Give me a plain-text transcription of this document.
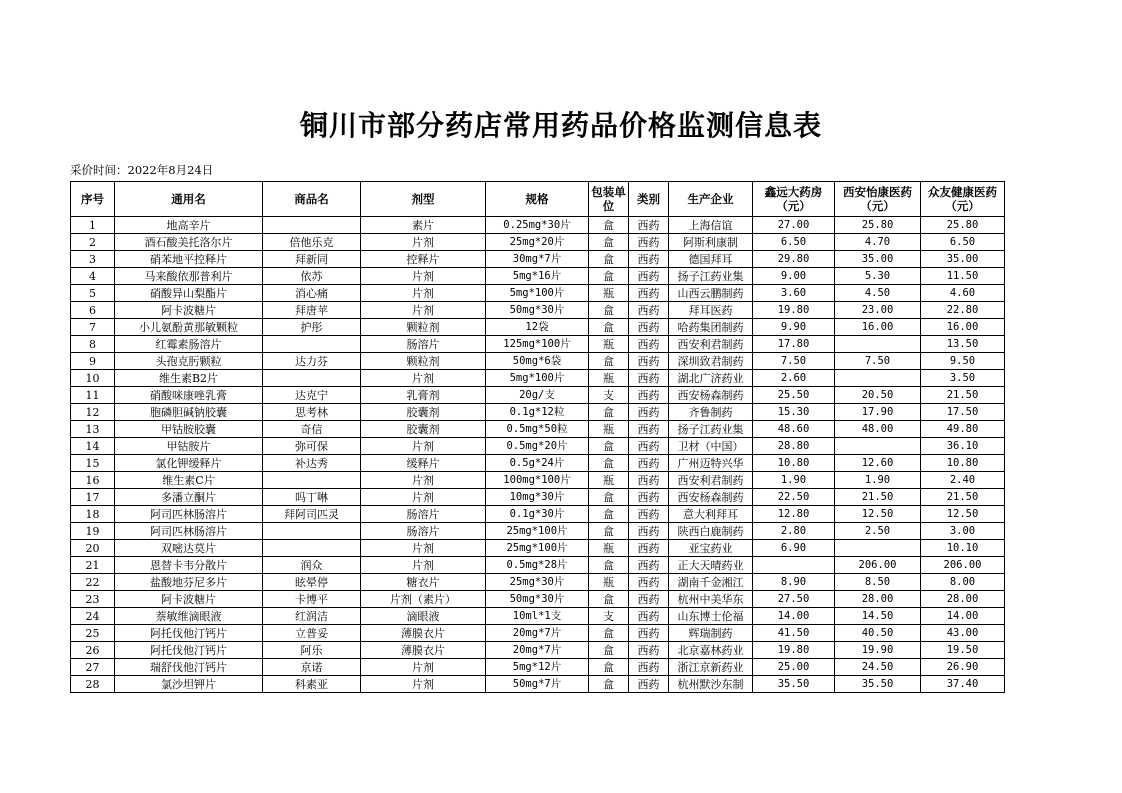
铜川市部分药店常用药品价格监测信息表
采价时间：2022年8月24日
序号	通用名	商品名	剂型	规格	包装单位	类别	生产企业	鑫远大药房（元）	西安怡康医药（元）	众友健康医药（元）
1	地高辛片		素片	0.25mg*30片	盒	西药	上海信谊	27.00	25.80	25.80
2	酒石酸美托洛尔片	倍他乐克	片剂	25mg*20片	盒	西药	阿斯利康制	6.50	4.70	6.50
3	硝苯地平控释片	拜新同	控释片	30mg*7片	盒	西药	德国拜耳	29.80	35.00	35.00
4	马来酸依那普利片	依苏	片剂	5mg*16片	盒	西药	扬子江药业集	9.00	5.30	11.50
5	硝酸异山梨酯片	消心痛	片剂	5mg*100片	瓶	西药	山西云鹏制药	3.60	4.50	4.60
6	阿卡波糖片	拜唐苹	片剂	50mg*30片	盒	西药	拜耳医药	19.80	23.00	22.80
7	小儿氨酚黄那敏颗粒	护彤	颗粒剂	12袋	盒	西药	哈药集团制药	9.90	16.00	16.00
8	红霉素肠溶片		肠溶片	125mg*100片	瓶	西药	西安利君制药	17.80		13.50
9	头孢克肟颗粒	达力芬	颗粒剂	50mg*6袋	盒	西药	深圳致君制药	7.50	7.50	9.50
10	维生素B2片		片剂	5mg*100片	瓶	西药	湖北广济药业	2.60		3.50
11	硝酸咪康唑乳膏	达克宁	乳膏剂	20g/支	支	西药	西安杨森制药	25.50	20.50	21.50
12	胞磷胆碱钠胶囊	思考林	胶囊剂	0.1g*12粒	盒	西药	齐鲁制药	15.30	17.90	17.50
13	甲钴胺胶囊	奇信	胶囊剂	0.5mg*50粒	瓶	西药	扬子江药业集	48.60	48.00	49.80
14	甲钴胺片	弥可保	片剂	0.5mg*20片	盒	西药	卫材（中国）	28.80		36.10
15	氯化钾缓释片	补达秀	缓释片	0.5g*24片	盒	西药	广州迈特兴华	10.80	12.60	10.80
16	维生素C片		片剂	100mg*100片	瓶	西药	西安利君制药	1.90	1.90	2.40
17	多潘立酮片	吗丁啉	片剂	10mg*30片	盒	西药	西安杨森制药	22.50	21.50	21.50
18	阿司匹林肠溶片	拜阿司匹灵	肠溶片	0.1g*30片	盒	西药	意大利拜耳	12.80	12.50	12.50
19	阿司匹林肠溶片		肠溶片	25mg*100片	盒	西药	陕西白鹿制药	2.80	2.50	3.00
20	双嘧达莫片		片剂	25mg*100片	瓶	西药	亚宝药业	6.90		10.10
21	恩替卡韦分散片	润众	片剂	0.5mg*28片	盒	西药	正大天晴药业		206.00	206.00
22	盐酸地芬尼多片	眩晕停	糖衣片	25mg*30片	瓶	西药	湖南千金湘江	8.90	8.50	8.00
23	阿卡波糖片	卡博平	片剂（素片）	50mg*30片	盒	西药	杭州中美华东	27.50	28.00	28.00
24	萘敏维滴眼液	红润洁	滴眼液	10ml*1支	支	西药	山东博士伦福	14.00	14.50	14.00
25	阿托伐他汀钙片	立普妥	薄膜衣片	20mg*7片	盒	西药	辉瑞制药	41.50	40.50	43.00
26	阿托伐他汀钙片	阿乐	薄膜衣片	20mg*7片	盒	西药	北京嘉林药业	19.80	19.90	19.50
27	瑞舒伐他汀钙片	京诺	片剂	5mg*12片	盒	西药	浙江京新药业	25.00	24.50	26.90
28	氯沙坦钾片	科素亚	片剂	50mg*7片	盒	西药	杭州默沙东制	35.50	35.50	37.40
